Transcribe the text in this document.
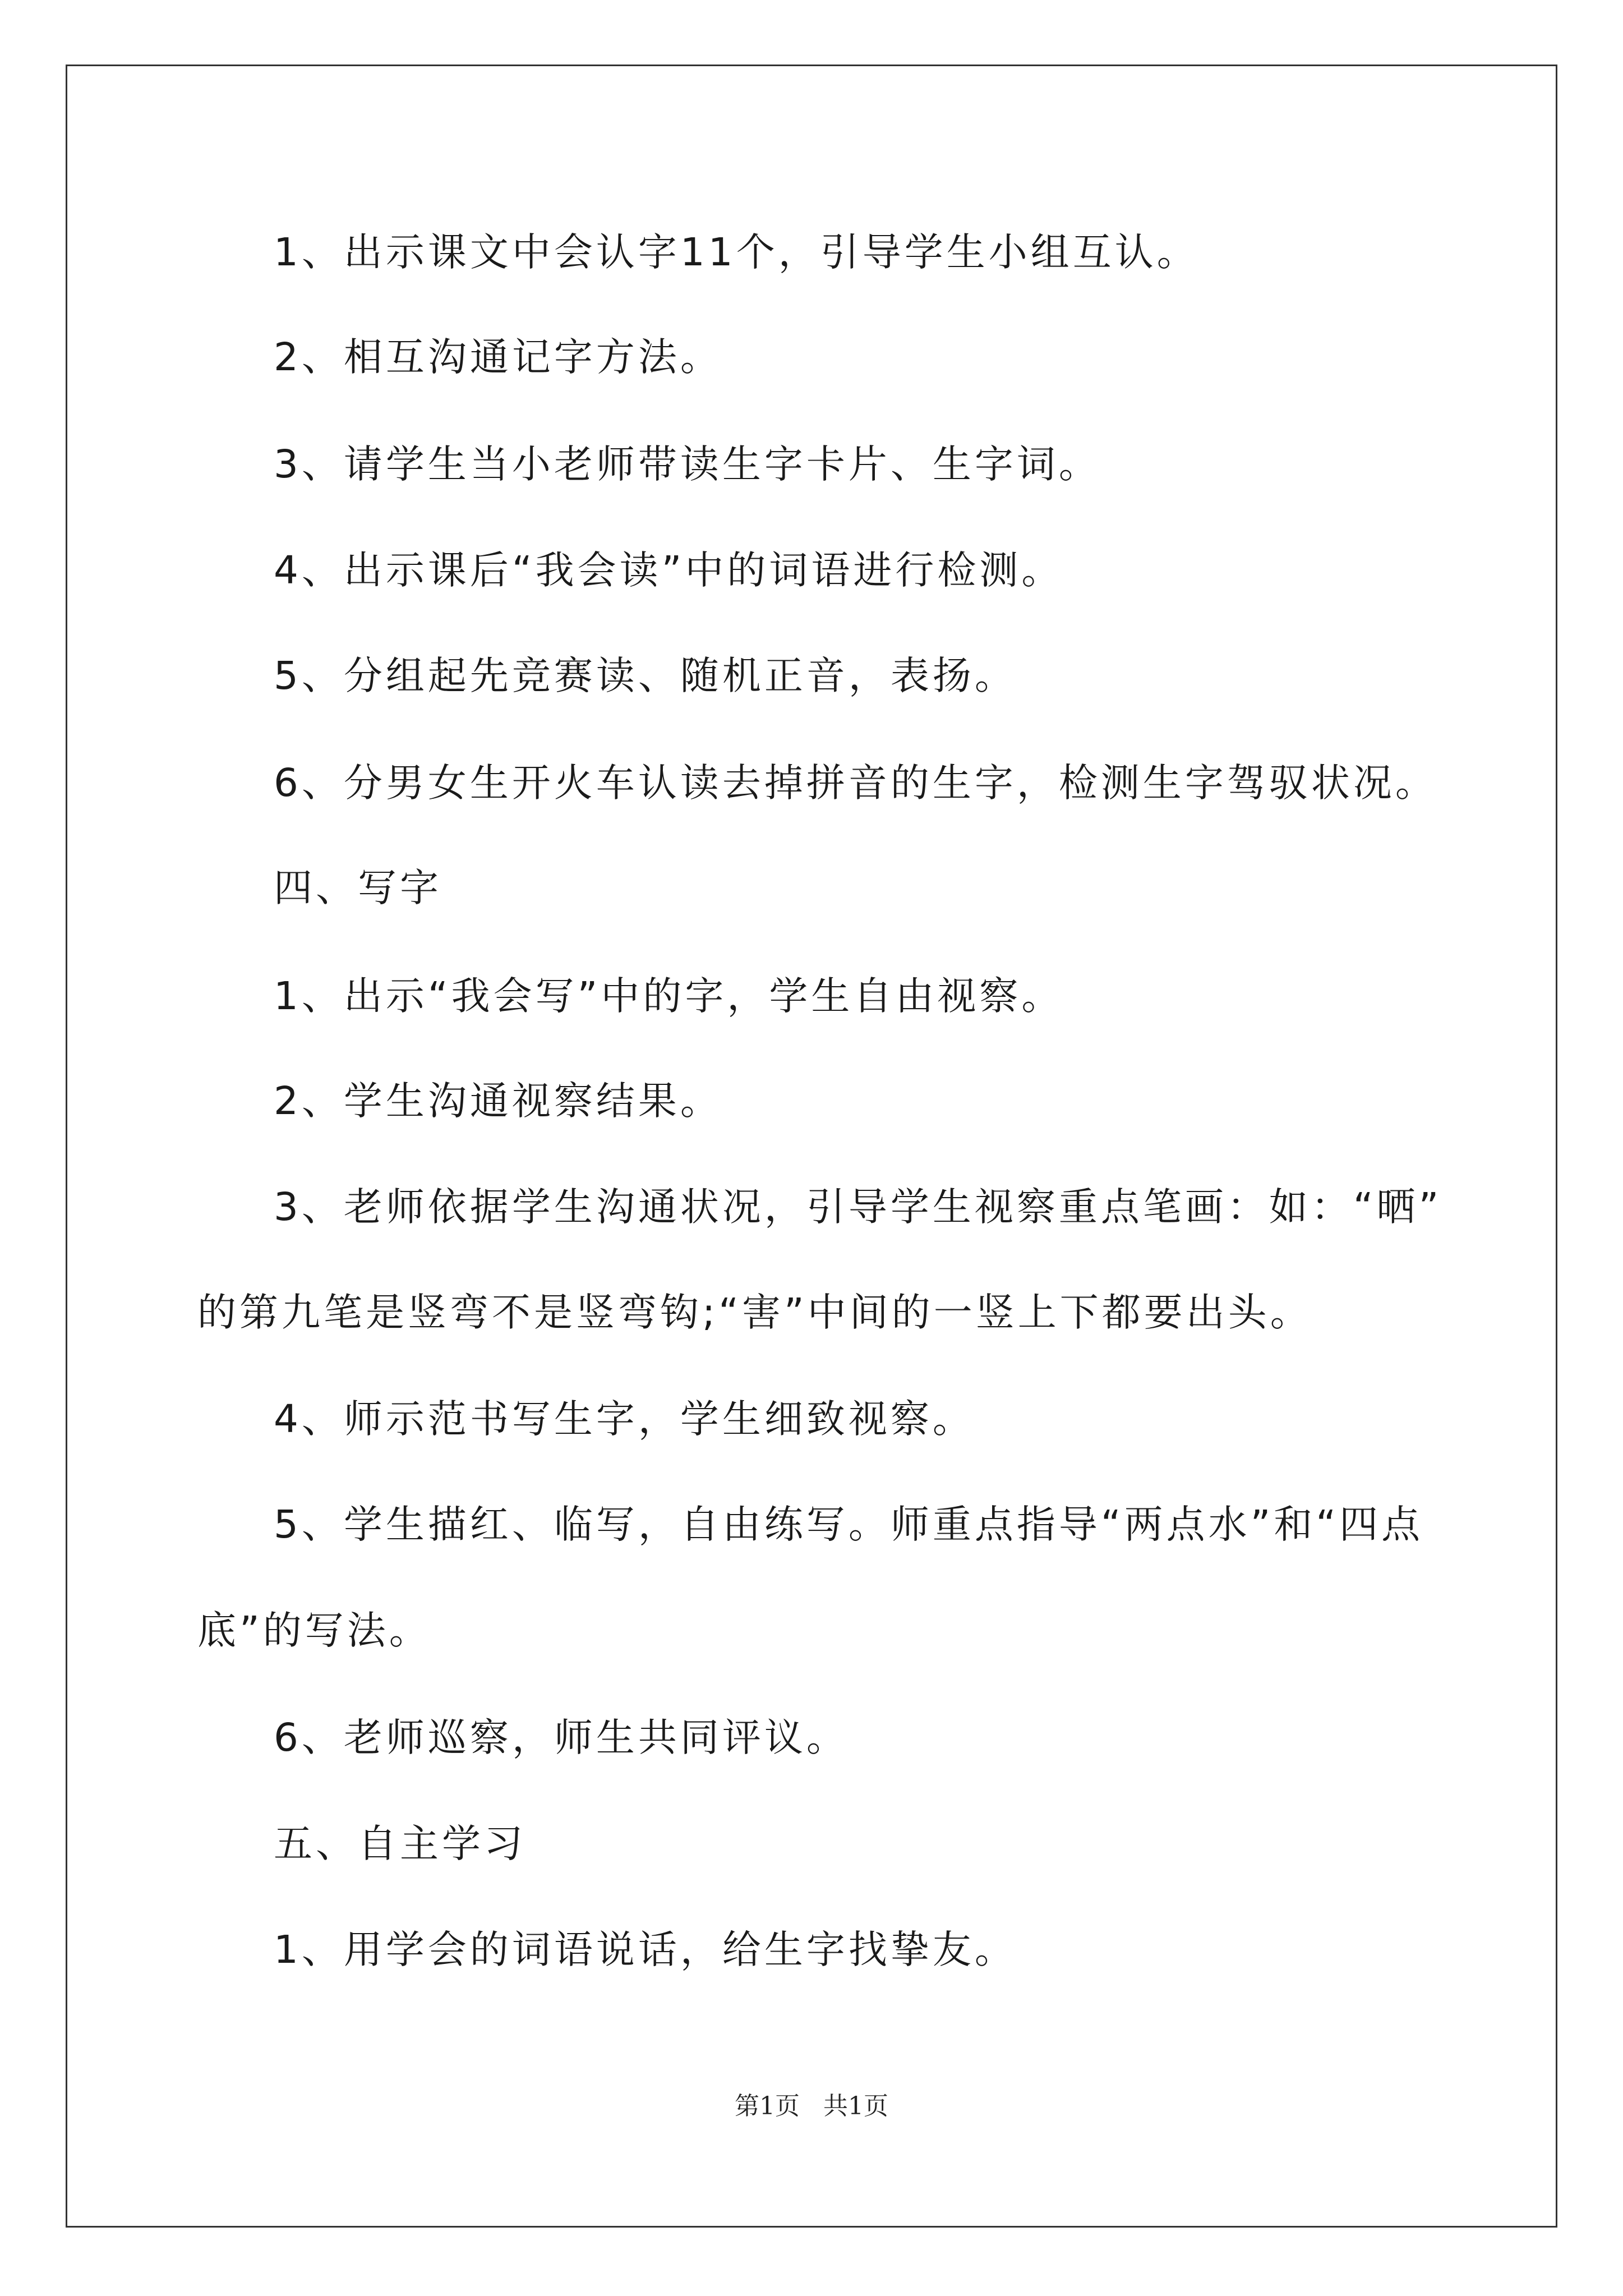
1、出示课文中会认字11个，引导学生小组互认。

2、相互沟通记字方法。

3、请学生当小老师带读生字卡片、生字词。

4、出示课后“我会读”中的词语进行检测。

5、分组起先竞赛读、随机正音，表扬。

6、分男女生开火车认读去掉拼音的生字，检测生字驾驭状况。

四、写字

1、出示“我会写”中的字，学生自由视察。

2、学生沟通视察结果。

3、老师依据学生沟通状况，引导学生视察重点笔画：如：“晒”

的第九笔是竖弯不是竖弯钩;“害”中间的一竖上下都要出头。

4、师示范书写生字，学生细致视察。

5、学生描红、临写，自由练写。师重点指导“两点水”和“四点

底”的写法。

6、老师巡察，师生共同评议。

五、自主学习

1、用学会的词语说话，给生字找挚友。

第1页   共1页
